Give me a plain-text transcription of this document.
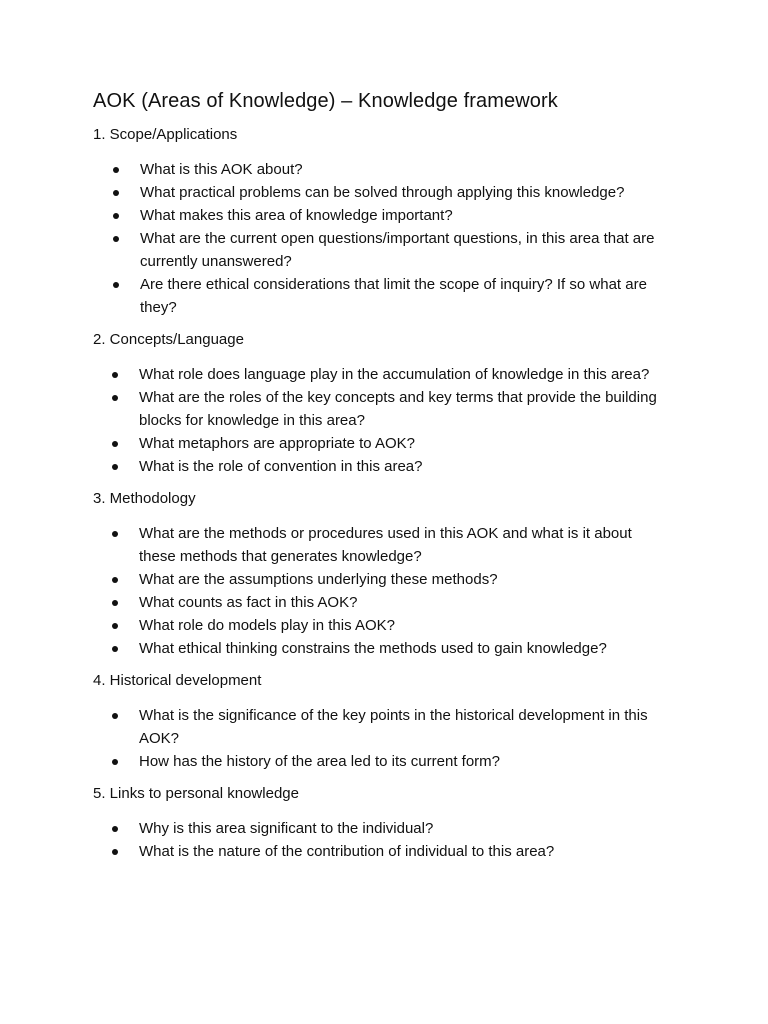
AOK (Areas of Knowledge) – Knowledge framework
1. Scope/Applications
What is this AOK about?
What practical problems can be solved through applying this knowledge?
What makes this area of knowledge important?
What are the current open questions/important questions, in this area that are currently unanswered?
Are there ethical considerations that limit the scope of inquiry? If so what are they?
2. Concepts/Language
What role does language play in the accumulation of knowledge in this area?
What are the roles of the key concepts and key terms that provide the building blocks for knowledge in this area?
What metaphors are appropriate to AOK?
What is the role of convention in this area?
3. Methodology
What are the methods or procedures used in this AOK and what is it about these methods that generates knowledge?
What are the assumptions underlying these methods?
What counts as fact in this AOK?
What role do models play in this AOK?
What ethical thinking constrains the methods used to gain knowledge?
4. Historical development
What is the significance of the key points in the historical development in this AOK?
How has the history of the area led to its current form?
5. Links to personal knowledge
Why is this area significant to the individual?
What is the nature of the contribution of individual to this area?
